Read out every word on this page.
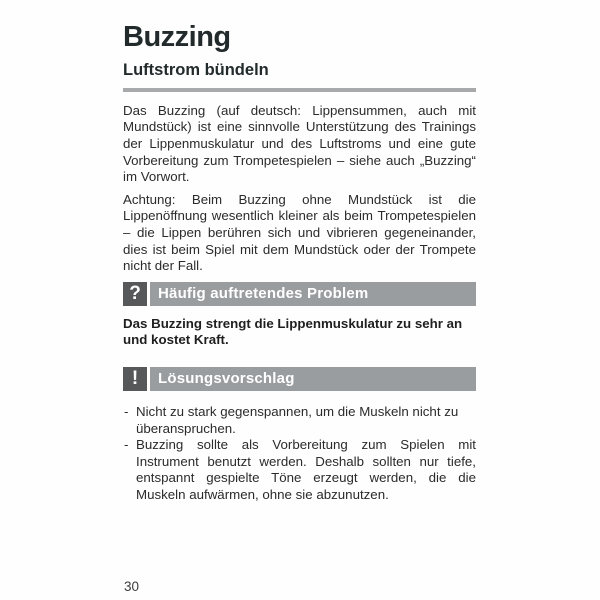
Buzzing
Luftstrom bündeln

Das Buzzing (auf deutsch: Lippensummen, auch mit Mundstück) ist eine sinnvolle Unterstützung des Trainings der Lippenmuskulatur und des Luftstroms und eine gute Vorbereitung zum Trompetespielen – siehe auch „Buzzing“ im Vorwort.

Achtung: Beim Buzzing ohne Mundstück ist die Lippenöffnung wesentlich kleiner als beim Trompetespielen – die Lippen berühren sich und vibrieren gegeneinander, dies ist beim Spiel mit dem Mundstück oder der Trompete nicht der Fall.

?	Häufig auftretendes Problem

Das Buzzing strengt die Lippenmuskulatur zu sehr an und kostet Kraft.

!	Lösungsvorschlag
- Nicht zu stark gegenspannen, um die Muskeln nicht zu überanspruchen.
- Buzzing sollte als Vorbereitung zum Spielen mit Instrument benutzt werden. Deshalb sollten nur tiefe, entspannt gespielte Töne erzeugt werden, die die Muskeln aufwärmen, ohne sie abzunutzen.
30
